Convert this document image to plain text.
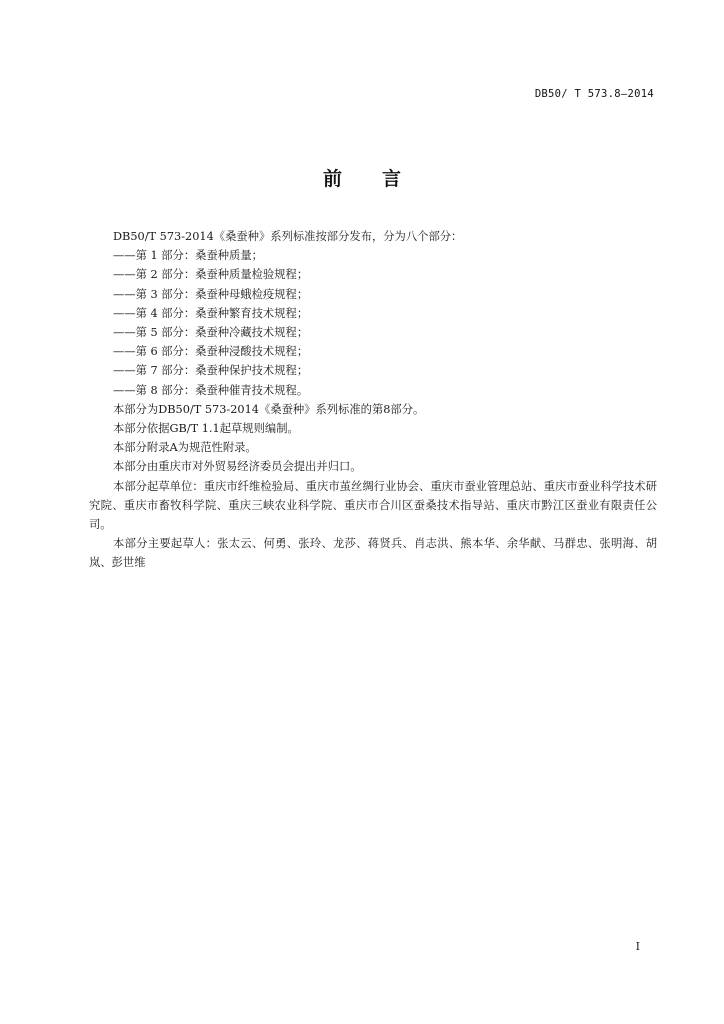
DB50/ T 573.8—2014
前 言

DB50/T 573-2014《桑蚕种》系列标准按部分发布，分为八个部分：

——第 1 部分：桑蚕种质量；

——第 2 部分：桑蚕种质量检验规程；

——第 3 部分：桑蚕种母蛾检疫规程；

——第 4 部分：桑蚕种繁育技术规程；

——第 5 部分：桑蚕种冷藏技术规程；

——第 6 部分：桑蚕种浸酸技术规程；

——第 7 部分：桑蚕种保护技术规程；

——第 8 部分：桑蚕种催青技术规程。

本部分为DB50/T 573-2014《桑蚕种》系列标准的第8部分。

本部分依据GB/T 1.1起草规则编制。

本部分附录A为规范性附录。

本部分由重庆市对外贸易经济委员会提出并归口。

本部分起草单位：重庆市纤维检验局、重庆市茧丝绸行业协会、重庆市蚕业管理总站、重庆市蚕业科学技术研究院、重庆市畜牧科学院、重庆三峡农业科学院、重庆市合川区蚕桑技术指导站、重庆市黔江区蚕业有限责任公司。

本部分主要起草人：张太云、何勇、张玲、龙莎、蒋贤兵、肖志洪、熊本华、余华献、马群忠、张明海、胡岚、彭世维

I
